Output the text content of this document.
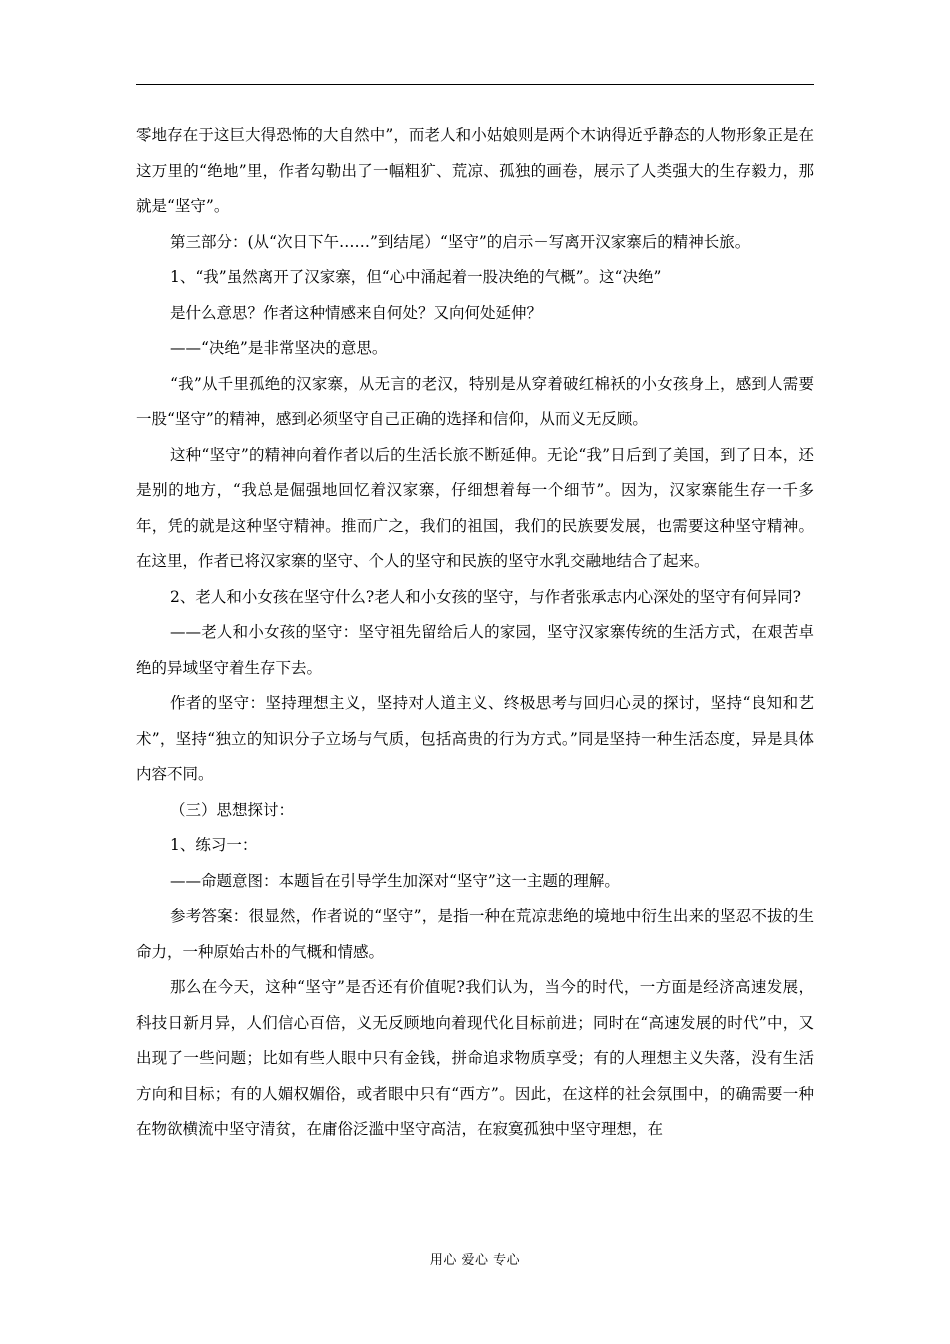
零地存在于这巨大得恐怖的大自然中”，而老人和小姑娘则是两个木讷得近乎静态的人物形象正是在这万里的“绝地”里，作者勾勒出了一幅粗犷、荒凉、孤独的画卷，展示了人类强大的生存毅力，那就是“坚守”。

第三部分：(从“次日下午……”到结尾）“坚守”的启示－写离开汉家寨后的精神长旅。

1、“我”虽然离开了汉家寨，但“心中涌起着一股决绝的气概”。这“决绝”

是什么意思？作者这种情感来自何处？又向何处延伸？

——“决绝”是非常坚决的意思。

“我”从千里孤绝的汉家寨，从无言的老汉，特别是从穿着破红棉袄的小女孩身上，感到人需要一股“坚守”的精神，感到必须坚守自己正确的选择和信仰，从而义无反顾。

这种“坚守”的精神向着作者以后的生活长旅不断延伸。无论“我”日后到了美国，到了日本，还是别的地方，“我总是倔强地回忆着汉家寨，仔细想着每一个细节”。因为，汉家寨能生存一千多年，凭的就是这种坚守精神。推而广之，我们的祖国，我们的民族要发展，也需要这种坚守精神。在这里，作者已将汉家寨的坚守、个人的坚守和民族的坚守水乳交融地结合了起来。

2、老人和小女孩在坚守什么?老人和小女孩的坚守，与作者张承志内心深处的坚守有何异同?

——老人和小女孩的坚守：坚守祖先留给后人的家园，坚守汉家寨传统的生活方式，在艰苦卓绝的异域坚守着生存下去。

作者的坚守：坚持理想主义，坚持对人道主义、终极思考与回归心灵的探讨，坚持“良知和艺术”，坚持“独立的知识分子立场与气质，包括高贵的行为方式。”同是坚持一种生活态度，异是具体内容不同。

（三）思想探讨：

1、练习一：

——命题意图：本题旨在引导学生加深对“坚守”这一主题的理解。

参考答案：很显然，作者说的“坚守”，是指一种在荒凉悲绝的境地中衍生出来的坚忍不拔的生命力，一种原始古朴的气概和情感。

那么在今天，这种“坚守”是否还有价值呢?我们认为，当今的时代，一方面是经济高速发展，科技日新月异，人们信心百倍，义无反顾地向着现代化目标前进；同时在“高速发展的时代”中，又出现了一些问题；比如有些人眼中只有金钱，拼命追求物质享受；有的人理想主义失落，没有生活方向和目标；有的人媚权媚俗，或者眼中只有“西方”。因此，在这样的社会氛围中，的确需要一种在物欲横流中坚守清贫，在庸俗泛滥中坚守高洁，在寂寞孤独中坚守理想，在

用心 爱心 专心
